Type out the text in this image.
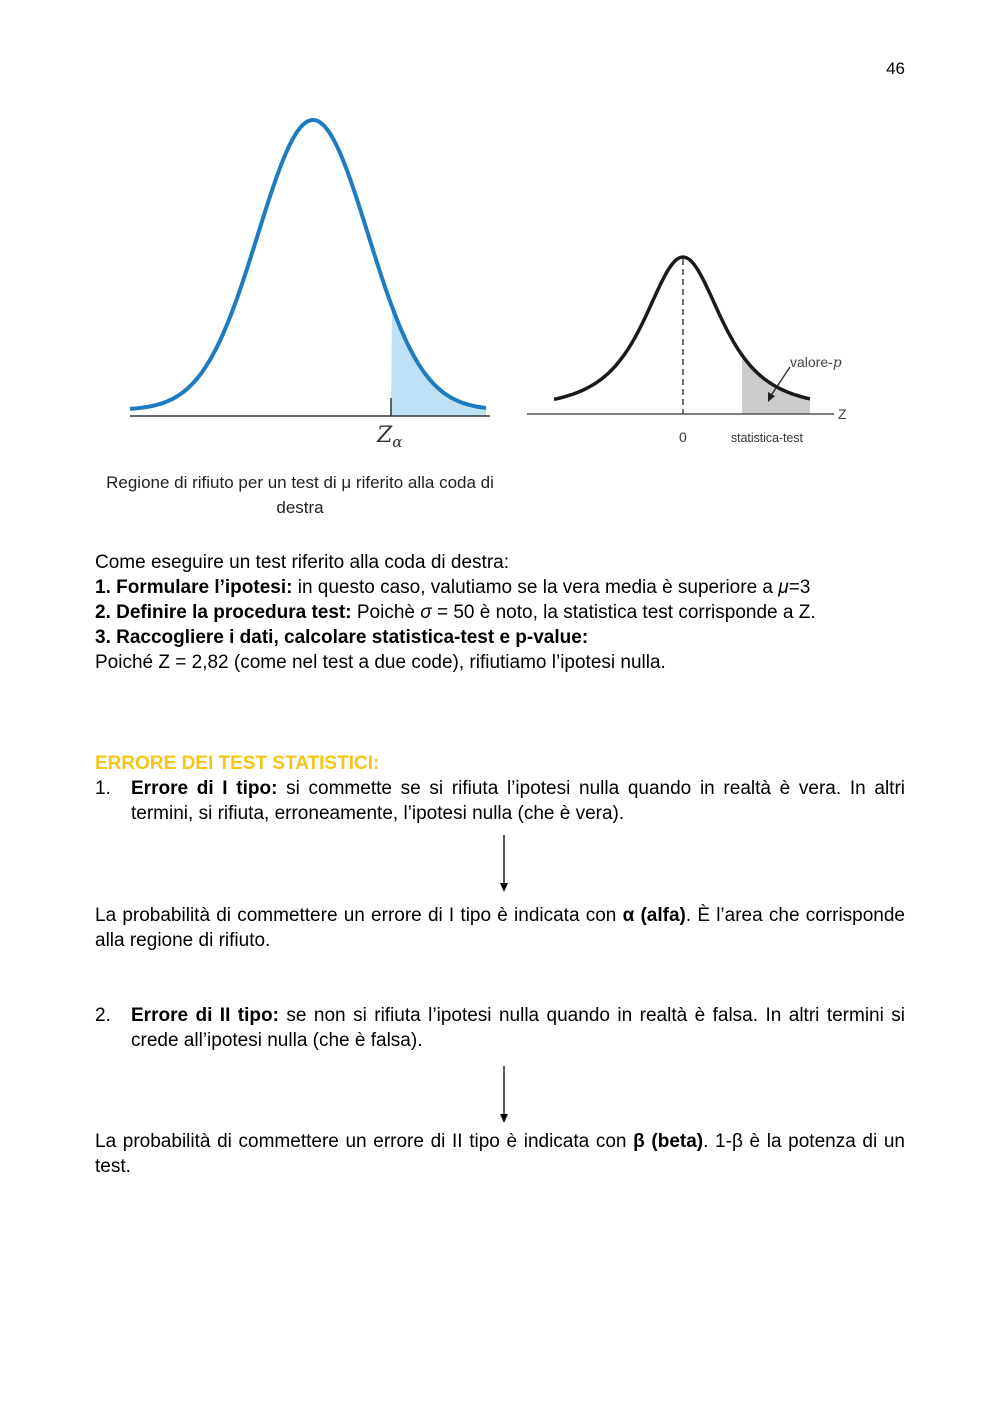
46
$Z_\alpha$
Z
0	statistica-test
valore-p
Regione di rifiuto per un test di μ riferito alla coda di destra

Come eseguire un test riferito alla coda di destra:

1. Formulare l’ipotesi: in questo caso, valutiamo se la vera media è superiore a μ=3

2. Definire la procedura test: Poichè σ = 50 è noto, la statistica test corrisponde a Z.

3. Raccogliere i dati, calcolare statistica-test e p-value:

Poiché Z = 2,82 (come nel test a due code), rifiutiamo l’ipotesi nulla.

ERRORE DEI TEST STATISTICI:
1. Errore di I tipo: si commette se si rifiuta l’ipotesi nulla quando in realtà è vera. In altri termini, si rifiuta, erroneamente, l’ipotesi nulla (che è vera).

La probabilità di commettere un errore di I tipo è indicata con α (alfa). È l’area che corrisponde alla regione di rifiuto.

2. Errore di II tipo: se non si rifiuta l’ipotesi nulla quando in realtà è falsa. In altri termini si crede all’ipotesi nulla (che è falsa).

La probabilità di commettere un errore di II tipo è indicata con β (beta). 1-β è la potenza di un test.
